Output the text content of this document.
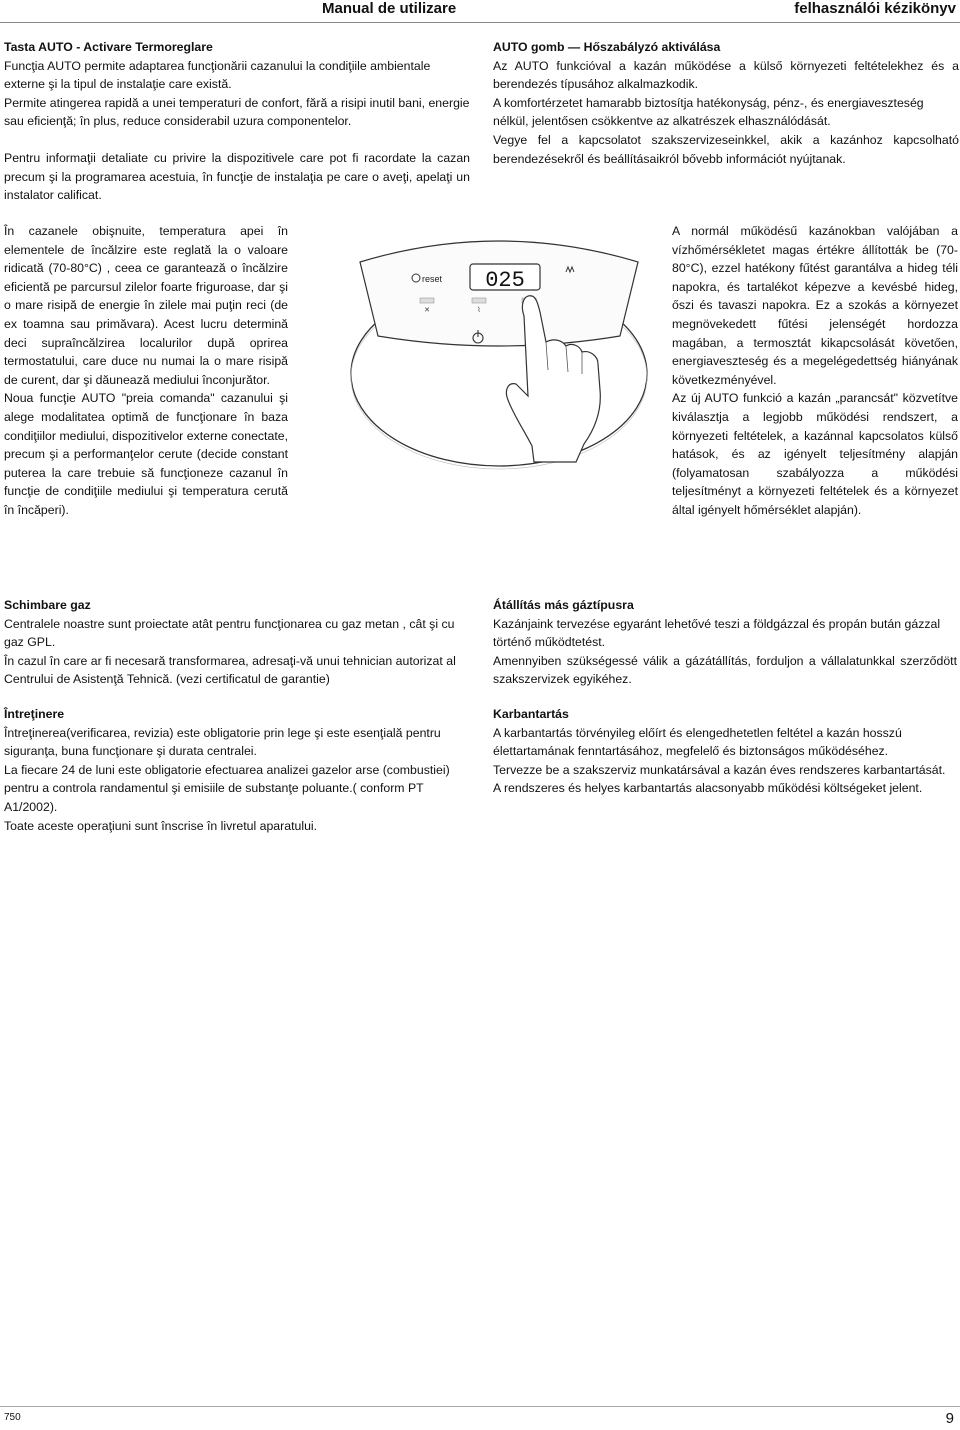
Manual de utilizare	felhasználói kézikönyv

Tasta AUTO - Activare Termoreglare

Funcţia AUTO permite adaptarea funcţionării cazanului la condiţiile ambientale externe şi la tipul de instalaţie care există.

Permite atingerea rapidă a unei temperaturi de confort, fără a risipi inutil bani, energie sau eficienţă; în plus, reduce considerabil uzura componentelor.

Pentru informaţii detaliate cu privire la dispozitivele care pot fi racordate la cazan precum şi la programarea acestuia, în funcţie de instalaţia pe care o aveţi, apelaţi un instalator calificat.

AUTO gomb — Hőszabályzó aktiválása

Az AUTO funkcióval a kazán működése a külső környezeti feltételekhez és a berendezés típusához alkalmazkodik.

A komfortérzetet hamarabb biztosítja hatékonyság, pénz-, és energiaveszteség nélkül, jelentősen csökkentve az alkatrészek elhasználódását.

Vegye fel a kapcsolatot szakszervizeseinkkel, akik a kazánhoz kapcsolható berendezésekről és beállításaikról bővebb információt nyújtanak.

În cazanele obişnuite, temperatura apei în elementele de încălzire este reglată la o valoare ridicată (70-80°C) , ceea ce garantează o încălzire eficientă pe parcursul zilelor foarte friguroase, dar şi o mare risipă de energie în zilele mai puţin reci (de ex toamna sau primăvara). Acest lucru determină deci supraîncălzirea localurilor după oprirea termostatului, care duce nu numai la o mare risipă de curent, dar şi dăunează mediului înconjurător.

Noua funcţie AUTO "preia comanda" cazanului şi alege modalitatea optimă de funcţionare în baza condiţiilor mediului, dispozitivelor externe conectate, precum şi a performanţelor cerute (decide constant puterea la care trebuie să funcţioneze cazanul în funcţie de condiţiile mediului şi temperatura cerută în încăperi).

reset 025
✕	⌇

A normál működésű kazánokban valójában a vízhőmérsékletet magas értékre állították be (70-80°C), ezzel hatékony fűtést garantálva a hideg téli napokra, és tartalékot képezve a kevésbé hideg, őszi és tavaszi napokra. Ez a szokás a környezet megnövekedett fűtési jelenségét hordozza magában, a termosztát kikapcsolását követően, energiaveszteség és a megelégedettség hiányának következményével.

Az új AUTO funkció a kazán „parancsát" közvetítve kiválasztja a legjobb működési rendszert, a környezeti feltételek, a kazánnal kapcsolatos külső hatások, és az igényelt teljesítmény alapján (folyamatosan szabályozza a működési teljesítményt a környezeti feltételek és a környezet által igényelt hőmérséklet alapján).

Schimbare gaz

Centralele noastre sunt proiectate atât pentru funcţionarea cu gaz metan , cât şi cu gaz GPL.

În cazul în care ar fi necesară transformarea, adresaţi-vă unui tehnician autorizat al Centrului de Asistenţă Tehnică. (vezi certificatul de garantie)

Întreţinere

Întreţinerea(verificarea, revizia) este obligatorie prin lege şi este esenţială pentru siguranţa, buna funcţionare şi durata centralei.

La fiecare 24 de luni este obligatorie efectuarea analizei gazelor arse (combustiei) pentru a controla randamentul şi emisiile de substanţe poluante.( conform PT A1/2002).

Toate aceste operaţiuni sunt înscrise în livretul aparatului.

Átállítás más gáztípusra

Kazánjaink tervezése egyaránt lehetővé teszi a földgázzal és propán bután gázzal történő működtetést.

Amennyiben szükségessé válik a gázátállítás, forduljon a vállalatunkkal szerződött szakszervizek egyikéhez.

Karbantartás

A karbantartás törvényileg előírt és elengedhetetlen feltétel a kazán hosszú élettartamának fenntartásához, megfelelő és biztonságos működéséhez.

Tervezze be a szakszerviz munkatársával a kazán éves rendszeres karbantartását.

A rendszeres és helyes karbantartás alacsonyabb működési költségeket jelent.

750	9
